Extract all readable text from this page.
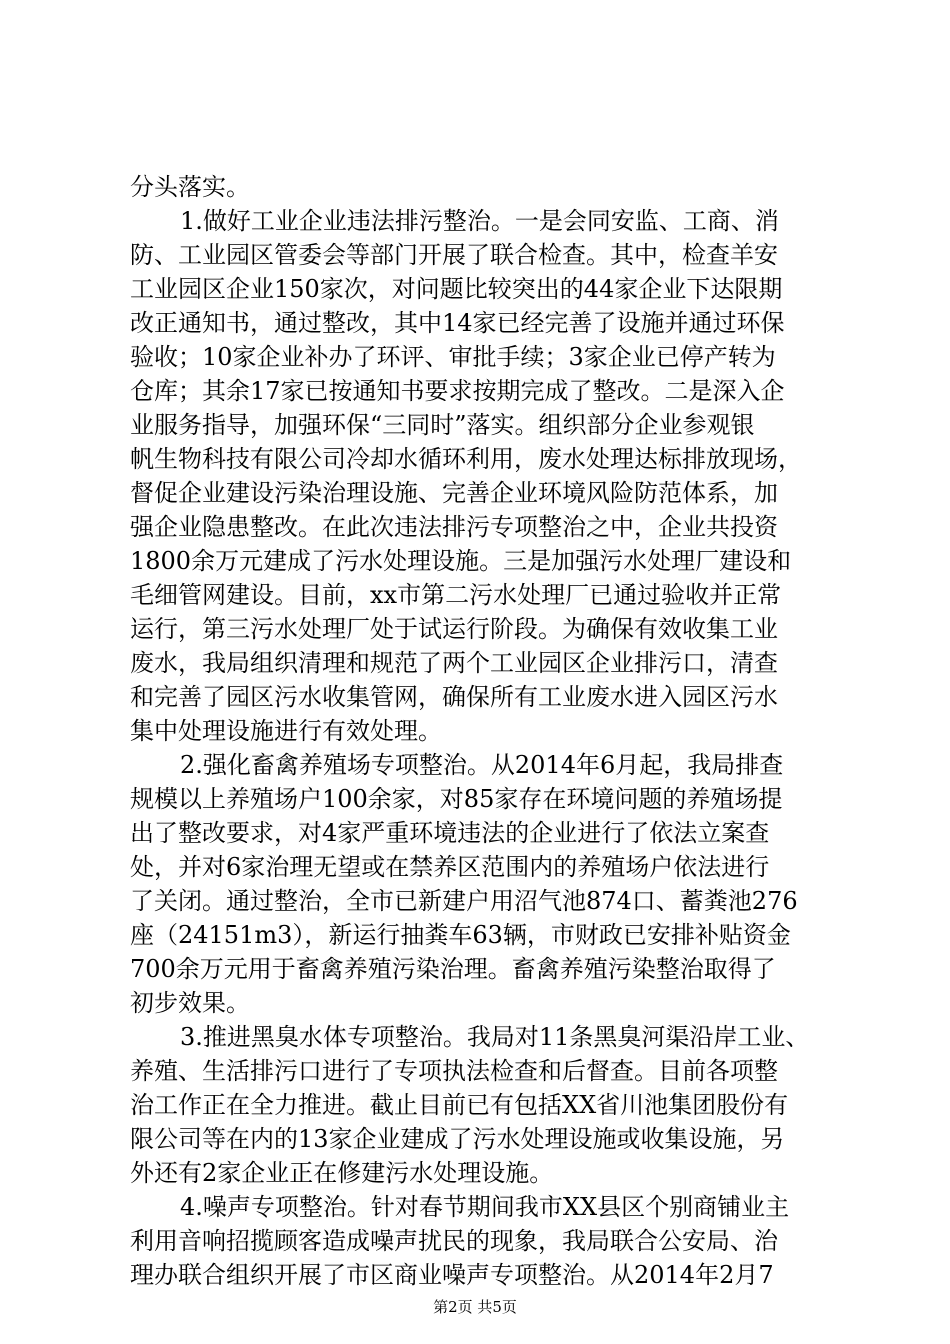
分头落实。
1.做好工业企业违法排污整治。一是会同安监、工商、消
防、工业园区管委会等部门开展了联合检查。其中，检查羊安
工业园区企业150家次，对问题比较突出的44家企业下达限期
改正通知书，通过整改，其中14家已经完善了设施并通过环保
验收；10家企业补办了环评、审批手续；3家企业已停产转为
仓库；其余17家已按通知书要求按期完成了整改。二是深入企
业服务指导，加强环保“三同时”落实。组织部分企业参观银
帆生物科技有限公司冷却水循环利用，废水处理达标排放现场，
督促企业建设污染治理设施、完善企业环境风险防范体系，加
强企业隐患整改。在此次违法排污专项整治之中，企业共投资
1800余万元建成了污水处理设施。三是加强污水处理厂建设和
毛细管网建设。目前，xx市第二污水处理厂已通过验收并正常
运行，第三污水处理厂处于试运行阶段。为确保有效收集工业
废水，我局组织清理和规范了两个工业园区企业排污口，清查
和完善了园区污水收集管网，确保所有工业废水进入园区污水
集中处理设施进行有效处理。
2.强化畜禽养殖场专项整治。从2014年6月起，我局排查
规模以上养殖场户100余家，对85家存在环境问题的养殖场提
出了整改要求，对4家严重环境违法的企业进行了依法立案查
处，并对6家治理无望或在禁养区范围内的养殖场户依法进行
了关闭。通过整治，全市已新建户用沼气池874口、蓄粪池276
座（24151m3），新运行抽粪车63辆，市财政已安排补贴资金
700余万元用于畜禽养殖污染治理。畜禽养殖污染整治取得了
初步效果。
3.推进黑臭水体专项整治。我局对11条黑臭河渠沿岸工业、
养殖、生活排污口进行了专项执法检查和后督查。目前各项整
治工作正在全力推进。截止目前已有包括XX省川池集团股份有
限公司等在内的13家企业建成了污水处理设施或收集设施，另
外还有2家企业正在修建污水处理设施。
4.噪声专项整治。针对春节期间我市XX县区个别商铺业主
利用音响招揽顾客造成噪声扰民的现象，我局联合公安局、治
理办联合组织开展了市区商业噪声专项整治。从2014年2月7
第2页 共5页
